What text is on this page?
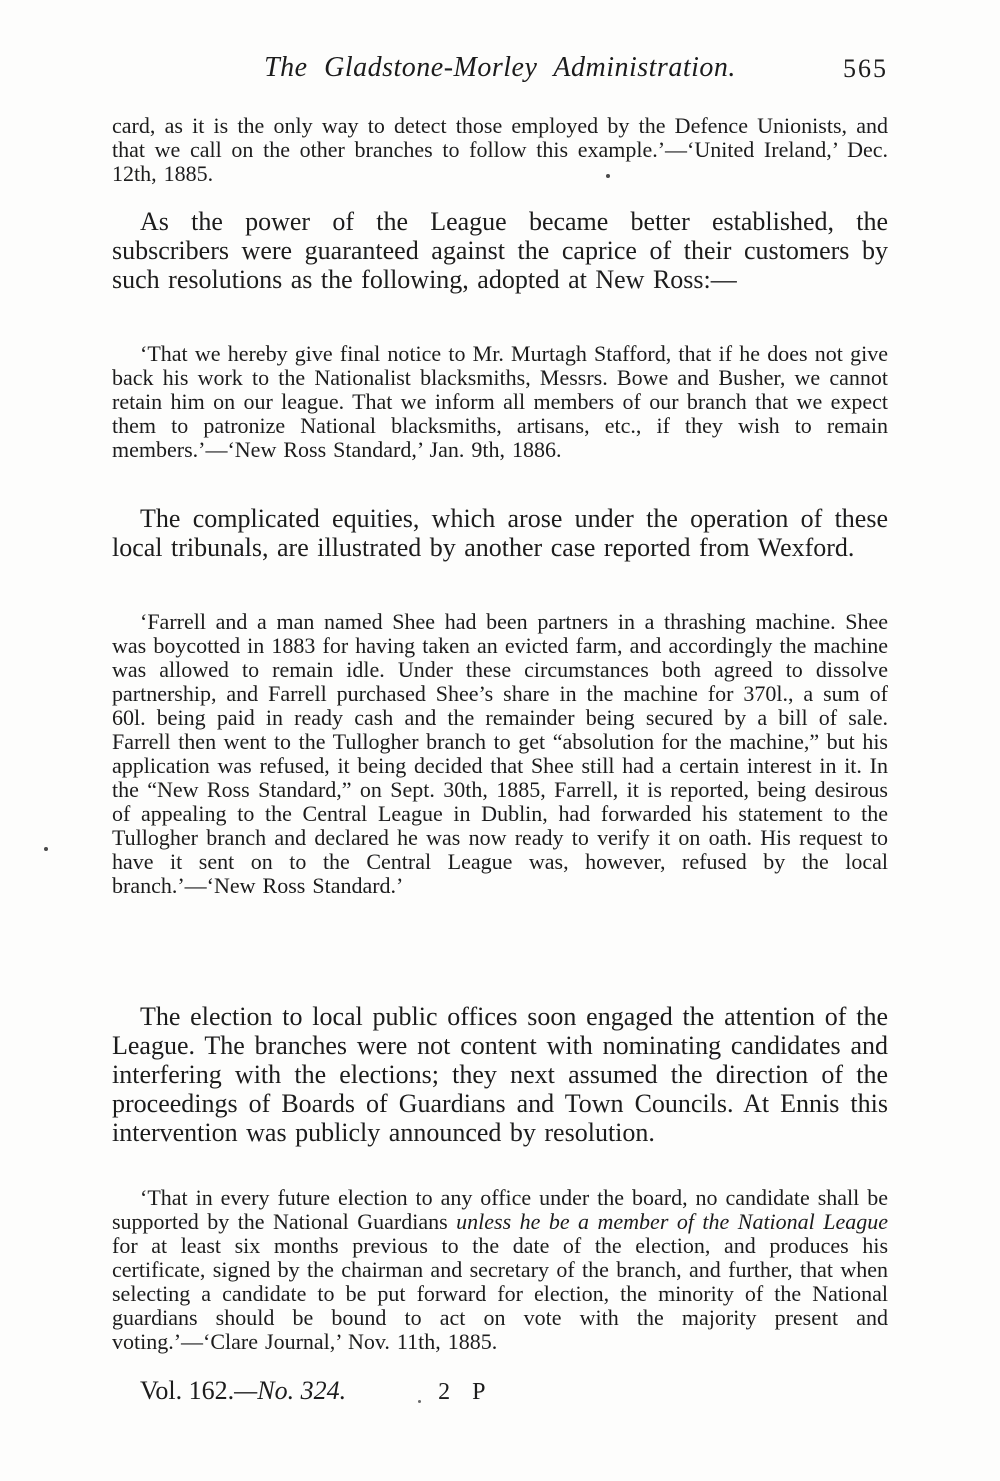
The Gladstone-Morley Administration.	565
card, as it is the only way to detect those employed by the Defence Unionists, and that we call on the other branches to follow this example.’—‘United Ireland,’ Dec. 12th, 1885.
As the power of the League became better established, the subscribers were guaranteed against the caprice of their customers by such resolutions as the following, adopted at New Ross:—
‘That we hereby give final notice to Mr. Murtagh Stafford, that if he does not give back his work to the Nationalist blacksmiths, Messrs. Bowe and Busher, we cannot retain him on our league. That we inform all members of our branch that we expect them to patronize National blacksmiths, artisans, etc., if they wish to remain members.’—‘New Ross Standard,’ Jan. 9th, 1886.
The complicated equities, which arose under the operation of these local tribunals, are illustrated by another case reported from Wexford.
‘Farrell and a man named Shee had been partners in a thrashing machine. Shee was boycotted in 1883 for having taken an evicted farm, and accordingly the machine was allowed to remain idle. Under these circumstances both agreed to dissolve partnership, and Farrell purchased Shee’s share in the machine for 370l., a sum of 60l. being paid in ready cash and the remainder being secured by a bill of sale. Farrell then went to the Tullogher branch to get “absolution for the machine,” but his application was refused, it being decided that Shee still had a certain interest in it. In the “New Ross Standard,” on Sept. 30th, 1885, Farrell, it is reported, being desirous of appealing to the Central League in Dublin, had forwarded his statement to the Tullogher branch and declared he was now ready to verify it on oath. His request to have it sent on to the Central League was, however, refused by the local branch.’—‘New Ross Standard.’
The election to local public offices soon engaged the attention of the League. The branches were not content with nominating candidates and interfering with the elections; they next assumed the direction of the proceedings of Boards of Guardians and Town Councils. At Ennis this intervention was publicly announced by resolution.
‘That in every future election to any office under the board, no candidate shall be supported by the National Guardians unless he be a member of the National League for at least six months previous to the date of the election, and produces his certificate, signed by the chairman and secretary of the branch, and further, that when selecting a candidate to be put forward for election, the minority of the National guardians should be bound to act on vote with the majority present and voting.’—‘Clare Journal,’ Nov. 11th, 1885.
Vol. 162.—No. 324.	2 P
